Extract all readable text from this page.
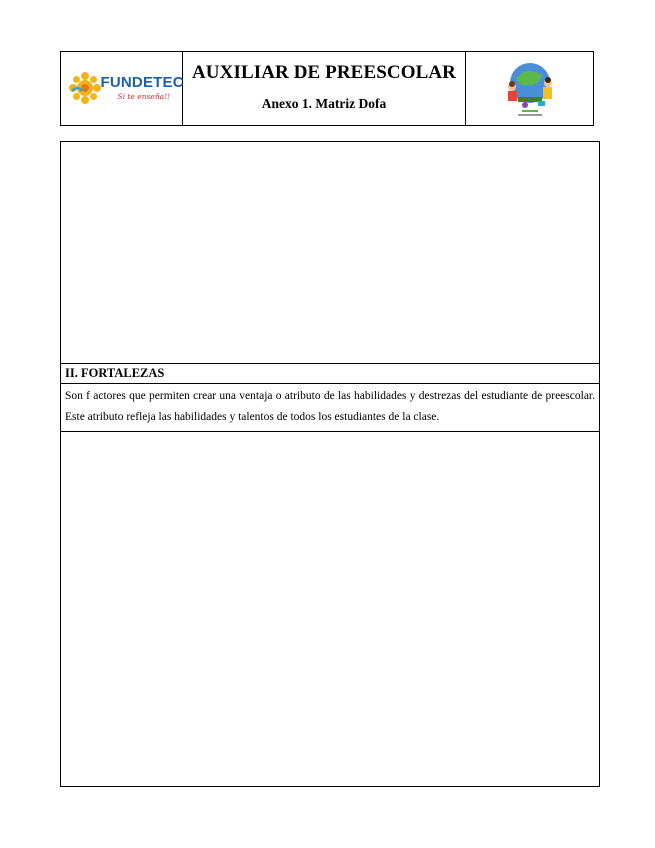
FUNDETEC
Sí te enseña!!
AUXILIAR DE PREESCOLAR
Anexo 1. Matriz Dofa
II. FORTALEZAS
Son f actores que permiten crear una ventaja o atributo de las habilidades y destrezas del estudiante de preescolar. Este atributo refleja las habilidades y talentos de todos los estudiantes de la clase.
